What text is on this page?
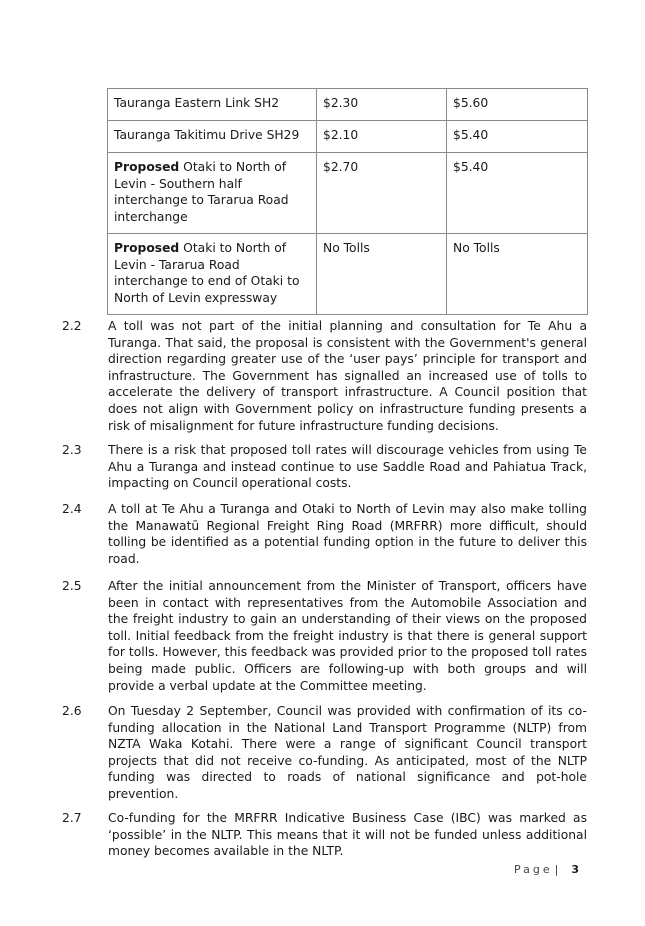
Tauranga Eastern Link SH2	$2.30	$5.60
Tauranga Takitimu Drive SH29	$2.10	$5.40
Proposed Otaki to North of Levin - Southern half interchange to Tararua Road interchange	$2.70	$5.40
Proposed Otaki to North of Levin - Tararua Road interchange to end of Otaki to North of Levin expressway	No Tolls	No Tolls
2.2	A toll was not part of the initial planning and consultation for Te Ahu a Turanga. That said, the proposal is consistent with the Government's general direction regarding greater use of the ‘user pays’ principle for transport and infrastructure. The Government has signalled an increased use of tolls to accelerate the delivery of transport infrastructure. A Council position that does not align with Government policy on infrastructure funding presents a risk of misalignment for future infrastructure funding decisions.
2.3	There is a risk that proposed toll rates will discourage vehicles from using Te Ahu a Turanga and instead continue to use Saddle Road and Pahiatua Track, impacting on Council operational costs.
2.4	A toll at Te Ahu a Turanga and Otaki to North of Levin may also make tolling the Manawatū Regional Freight Ring Road (MRFRR) more difficult, should tolling be identified as a potential funding option in the future to deliver this road.
2.5	After the initial announcement from the Minister of Transport, officers have been in contact with representatives from the Automobile Association and the freight industry to gain an understanding of their views on the proposed toll. Initial feedback from the freight industry is that there is general support for tolls. However, this feedback was provided prior to the proposed toll rates being made public. Officers are following-up with both groups and will provide a verbal update at the Committee meeting.
2.6	On Tuesday 2 September, Council was provided with confirmation of its co-funding allocation in the National Land Transport Programme (NLTP) from NZTA Waka Kotahi. There were a range of significant Council transport projects that did not receive co-funding. As anticipated, most of the NLTP funding was directed to roads of national significance and pot-hole prevention.
2.7	Co-funding for the MRFRR Indicative Business Case (IBC) was marked as ‘possible’ in the NLTP. This means that it will not be funded unless additional money becomes available in the NLTP.
Page | 3
